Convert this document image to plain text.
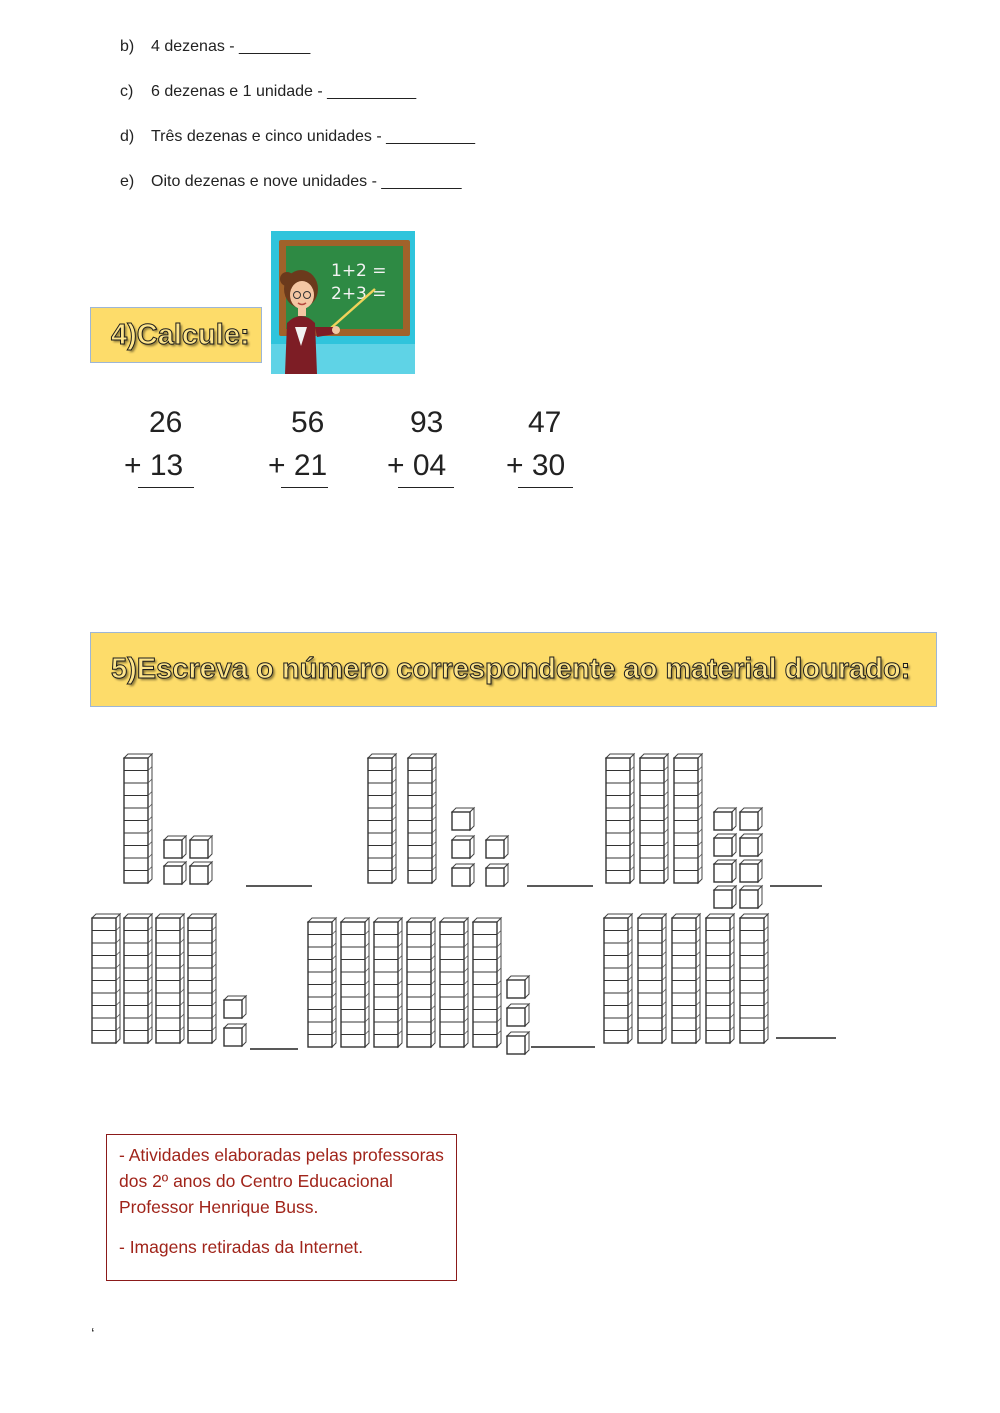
b) 4 dezenas - ________
c) 6 dezenas e 1 unidade - __________
d) Três dezenas e cinco unidades - __________
e) Oito dezenas e nove unidades - _________
4)Calcule:
1+2 =
2+3 =
26
+ 13
56
+ 21
93
+ 04
47
+ 30
5)Escreva o número correspondente ao material dourado:

- Atividades elaboradas pelas professoras dos 2º anos do Centro Educacional Professor Henrique Buss.

- Imagens retiradas da Internet.

‘
